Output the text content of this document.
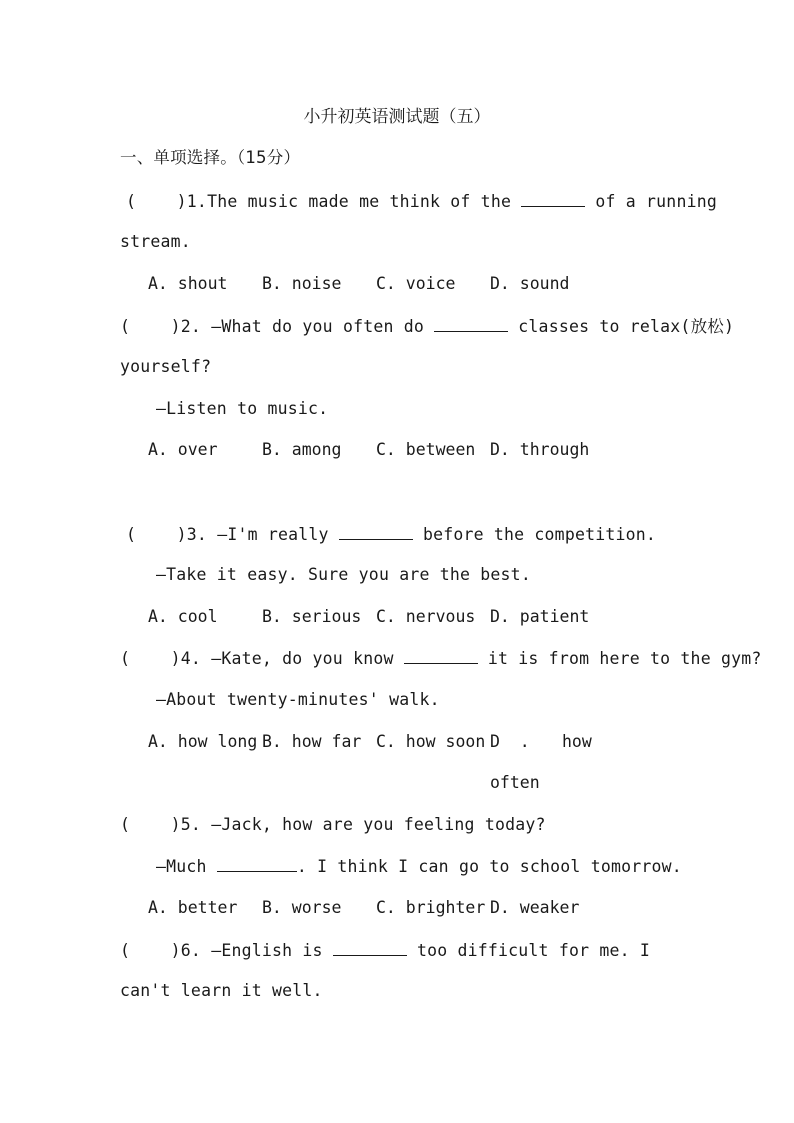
小升初英语测试题（五）
一、单项选择。（15分）
(    )1.The music made me think of the	of a running
stream.
A. shout B. noise C. voice D. sound
(    )2. —What do you often do	classes to relax(放松)
yourself?
—Listen to music.
A. over	B. among C. between D. through
(    )3. —I'm really	before the competition.
—Take it easy. Sure you are the best.
A. cool	B. serious C. nervous D. patient
(    )4. —Kate, do you know	it is from here to the gym?
—About twenty-minutes' walk.
A. how long B. how far C. how soon D  . how
often
(    )5. —Jack, how are you feeling today?
—Much	. I think I can go to school tomorrow.
A. better B. worse C. brighter D. weaker
(    )6. —English is	too difficult for me. I
can't learn it well.
